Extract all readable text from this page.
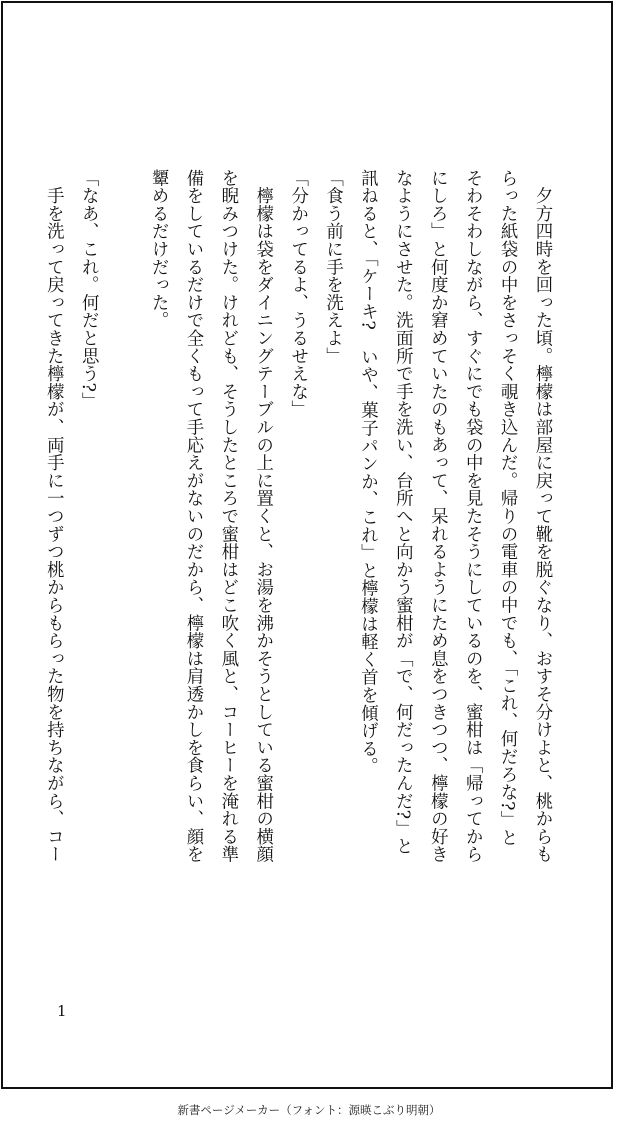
　夕方四時を回った頃。檸檬は部屋に戻って靴を脱ぐなり、おすそ分けよと、桃からも
らった紙袋の中をさっそく覗き込んだ。帰りの電車の中でも、「これ、何だろな?」と
そわそわしながら、すぐにでも袋の中を見たそうにしているのを、蜜柑は「帰ってから
にしろ」と何度か窘めていたのもあって、呆れるようにため息をつきつつ、檸檬の好き
なようにさせた。洗面所で手を洗い、台所へと向かう蜜柑が「で、何だったんだ?」と
訊ねると、「ケーキ?　いや、菓子パンか、これ」と檸檬は軽く首を傾げる。
「食う前に手を洗えよ」
「分かってるよ、うるせえな」
　檸檬は袋をダイニングテーブルの上に置くと、お湯を沸かそうとしている蜜柑の横顔
を睨みつけた。けれども、そうしたところで蜜柑はどこ吹く風と、コーヒーを淹れる準
備をしているだけで全くもって手応えがないのだから、檸檬は肩透かしを食らい、顔を
顰めるだけだった。

「なあ、これ。何だと思う?」
　手を洗って戻ってきた檸檬が、両手に一つずつ桃からもらった物を持ちながら、コー
1
新書ページメーカー（フォント：源暎こぶり明朝）
